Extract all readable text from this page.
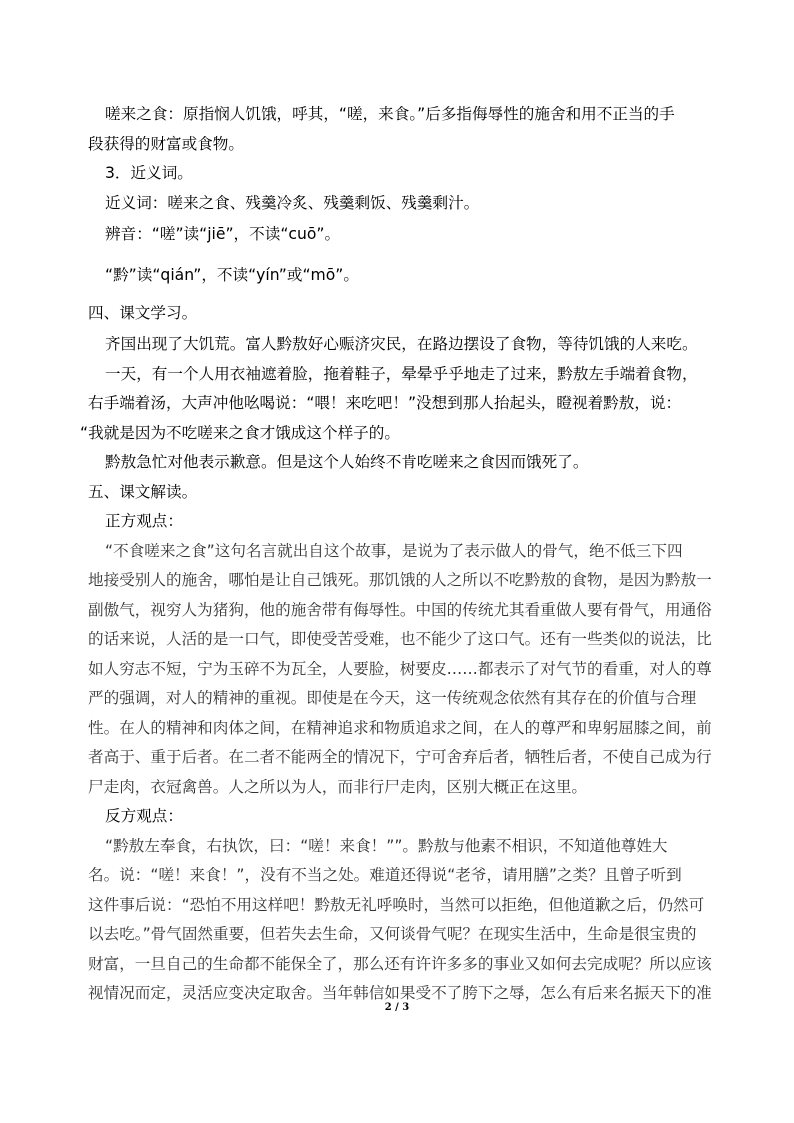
嗟来之食：原指悯人饥饿，呼其，“嗟，来食。”后多指侮辱性的施舍和用不正当的手
段获得的财富或食物。
3．近义词。
近义词：嗟来之食、残羹冷炙、残羹剩饭、残羹剩汁。
辨音：“嗟”读“jiē”，不读“cuō”。
“黔”读“qián”，不读“yín”或“mō”。
四、课文学习。
齐国出现了大饥荒。富人黔敖好心赈济灾民，在路边摆设了食物，等待饥饿的人来吃。
一天，有一个人用衣袖遮着脸，拖着鞋子，晕晕乎乎地走了过来，黔敖左手端着食物，
右手端着汤，大声冲他吆喝说：“喂！来吃吧！”没想到那人抬起头，瞪视着黔敖，说：
“我就是因为不吃嗟来之食才饿成这个样子的。
黔敖急忙对他表示歉意。但是这个人始终不肯吃嗟来之食因而饿死了。
五、课文解读。
正方观点：
“不食嗟来之食”这句名言就出自这个故事，是说为了表示做人的骨气，绝不低三下四
地接受别人的施舍，哪怕是让自己饿死。那饥饿的人之所以不吃黔敖的食物，是因为黔敖一
副傲气，视穷人为猪狗，他的施舍带有侮辱性。中国的传统尤其看重做人要有骨气，用通俗
的话来说，人活的是一口气，即使受苦受难，也不能少了这口气。还有一些类似的说法，比
如人穷志不短，宁为玉碎不为瓦全，人要脸，树要皮……都表示了对气节的看重，对人的尊
严的强调，对人的精神的重视。即使是在今天，这一传统观念依然有其存在的价值与合理
性。在人的精神和肉体之间，在精神追求和物质追求之间，在人的尊严和卑躬屈膝之间，前
者高于、重于后者。在二者不能两全的情况下，宁可舍弃后者，牺牲后者，不使自己成为行
尸走肉，衣冠禽兽。人之所以为人，而非行尸走肉，区别大概正在这里。
反方观点：
“黔敖左奉食，右执饮，曰：“嗟！来食！””。黔敖与他素不相识，不知道他尊姓大
名。说：“嗟！来食！”，没有不当之处。难道还得说“老爷，请用膳”之类？且曾子听到
这件事后说：“恐怕不用这样吧！黔敖无礼呼唤时，当然可以拒绝，但他道歉之后，仍然可
以去吃。”骨气固然重要，但若失去生命，又何谈骨气呢？在现实生活中，生命是很宝贵的
财富，一旦自己的生命都不能保全了，那么还有许许多多的事业又如何去完成呢？所以应该
视情况而定，灵活应变决定取舍。当年韩信如果受不了胯下之辱，怎么有后来名振天下的准
2 / 3
